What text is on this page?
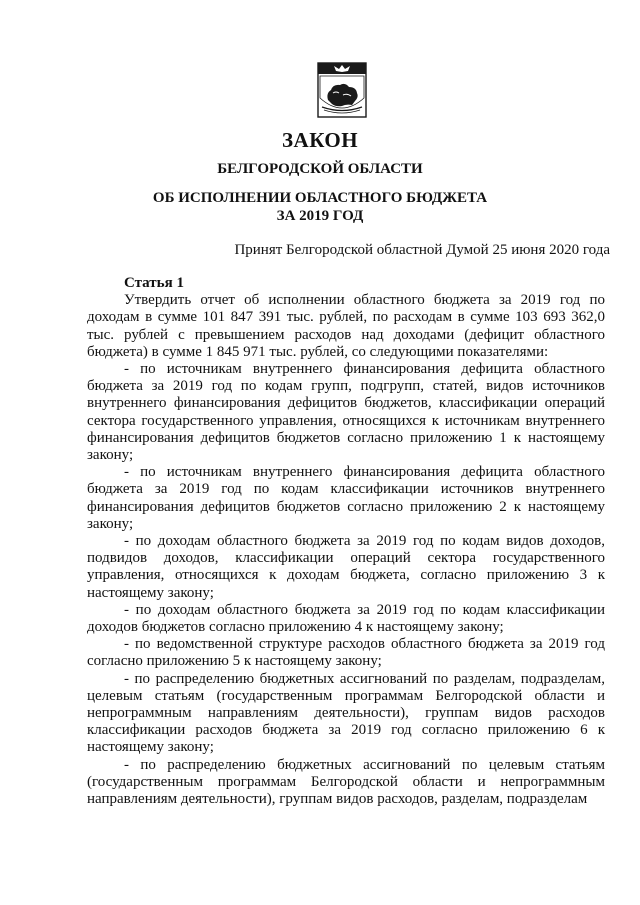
ЗАКОН
БЕЛГОРОДСКОЙ ОБЛАСТИ
ОБ ИСПОЛНЕНИИ ОБЛАСТНОГО БЮДЖЕТА
ЗА 2019 ГОД
Принят Белгородской областной Думой 25 июня 2020 года
Статья 1

Утвердить отчет об исполнении областного бюджета за 2019 год по доходам в сумме 101 847 391 тыс. рублей, по расходам в сумме 103 693 362,0 тыс. рублей с превышением расходов над доходами (дефицит областного бюджета) в сумме 1 845 971 тыс. рублей, со следующими показателями:

- по источникам внутреннего финансирования дефицита областного бюджета за 2019 год по кодам групп, подгрупп, статей, видов источников внутреннего финансирования дефицитов бюджетов, классификации операций сектора государственного управления, относящихся к источникам внутреннего финансирования дефицитов бюджетов согласно приложению 1 к настоящему закону;

- по источникам внутреннего финансирования дефицита областного бюджета за 2019 год по кодам классификации источников внутреннего финансирования дефицитов бюджетов согласно приложению 2 к настоящему закону;

- по доходам областного бюджета за 2019 год по кодам видов доходов, подвидов доходов, классификации операций сектора государственного управления, относящихся к доходам бюджета, согласно приложению 3 к настоящему закону;

- по доходам областного бюджета за 2019 год по кодам классификации доходов бюджетов согласно приложению 4 к настоящему закону;

- по ведомственной структуре расходов областного бюджета за 2019 год согласно приложению 5 к настоящему закону;

- по распределению бюджетных ассигнований по разделам, подразделам, целевым статьям (государственным программам Белгородской области и непрограммным направлениям деятельности), группам видов расходов классификации расходов бюджета за 2019 год согласно приложению 6 к настоящему закону;

- по распределению бюджетных ассигнований по целевым статьям (государственным программам Белгородской области и непрограммным направлениям деятельности), группам видов расходов, разделам, подразделам
